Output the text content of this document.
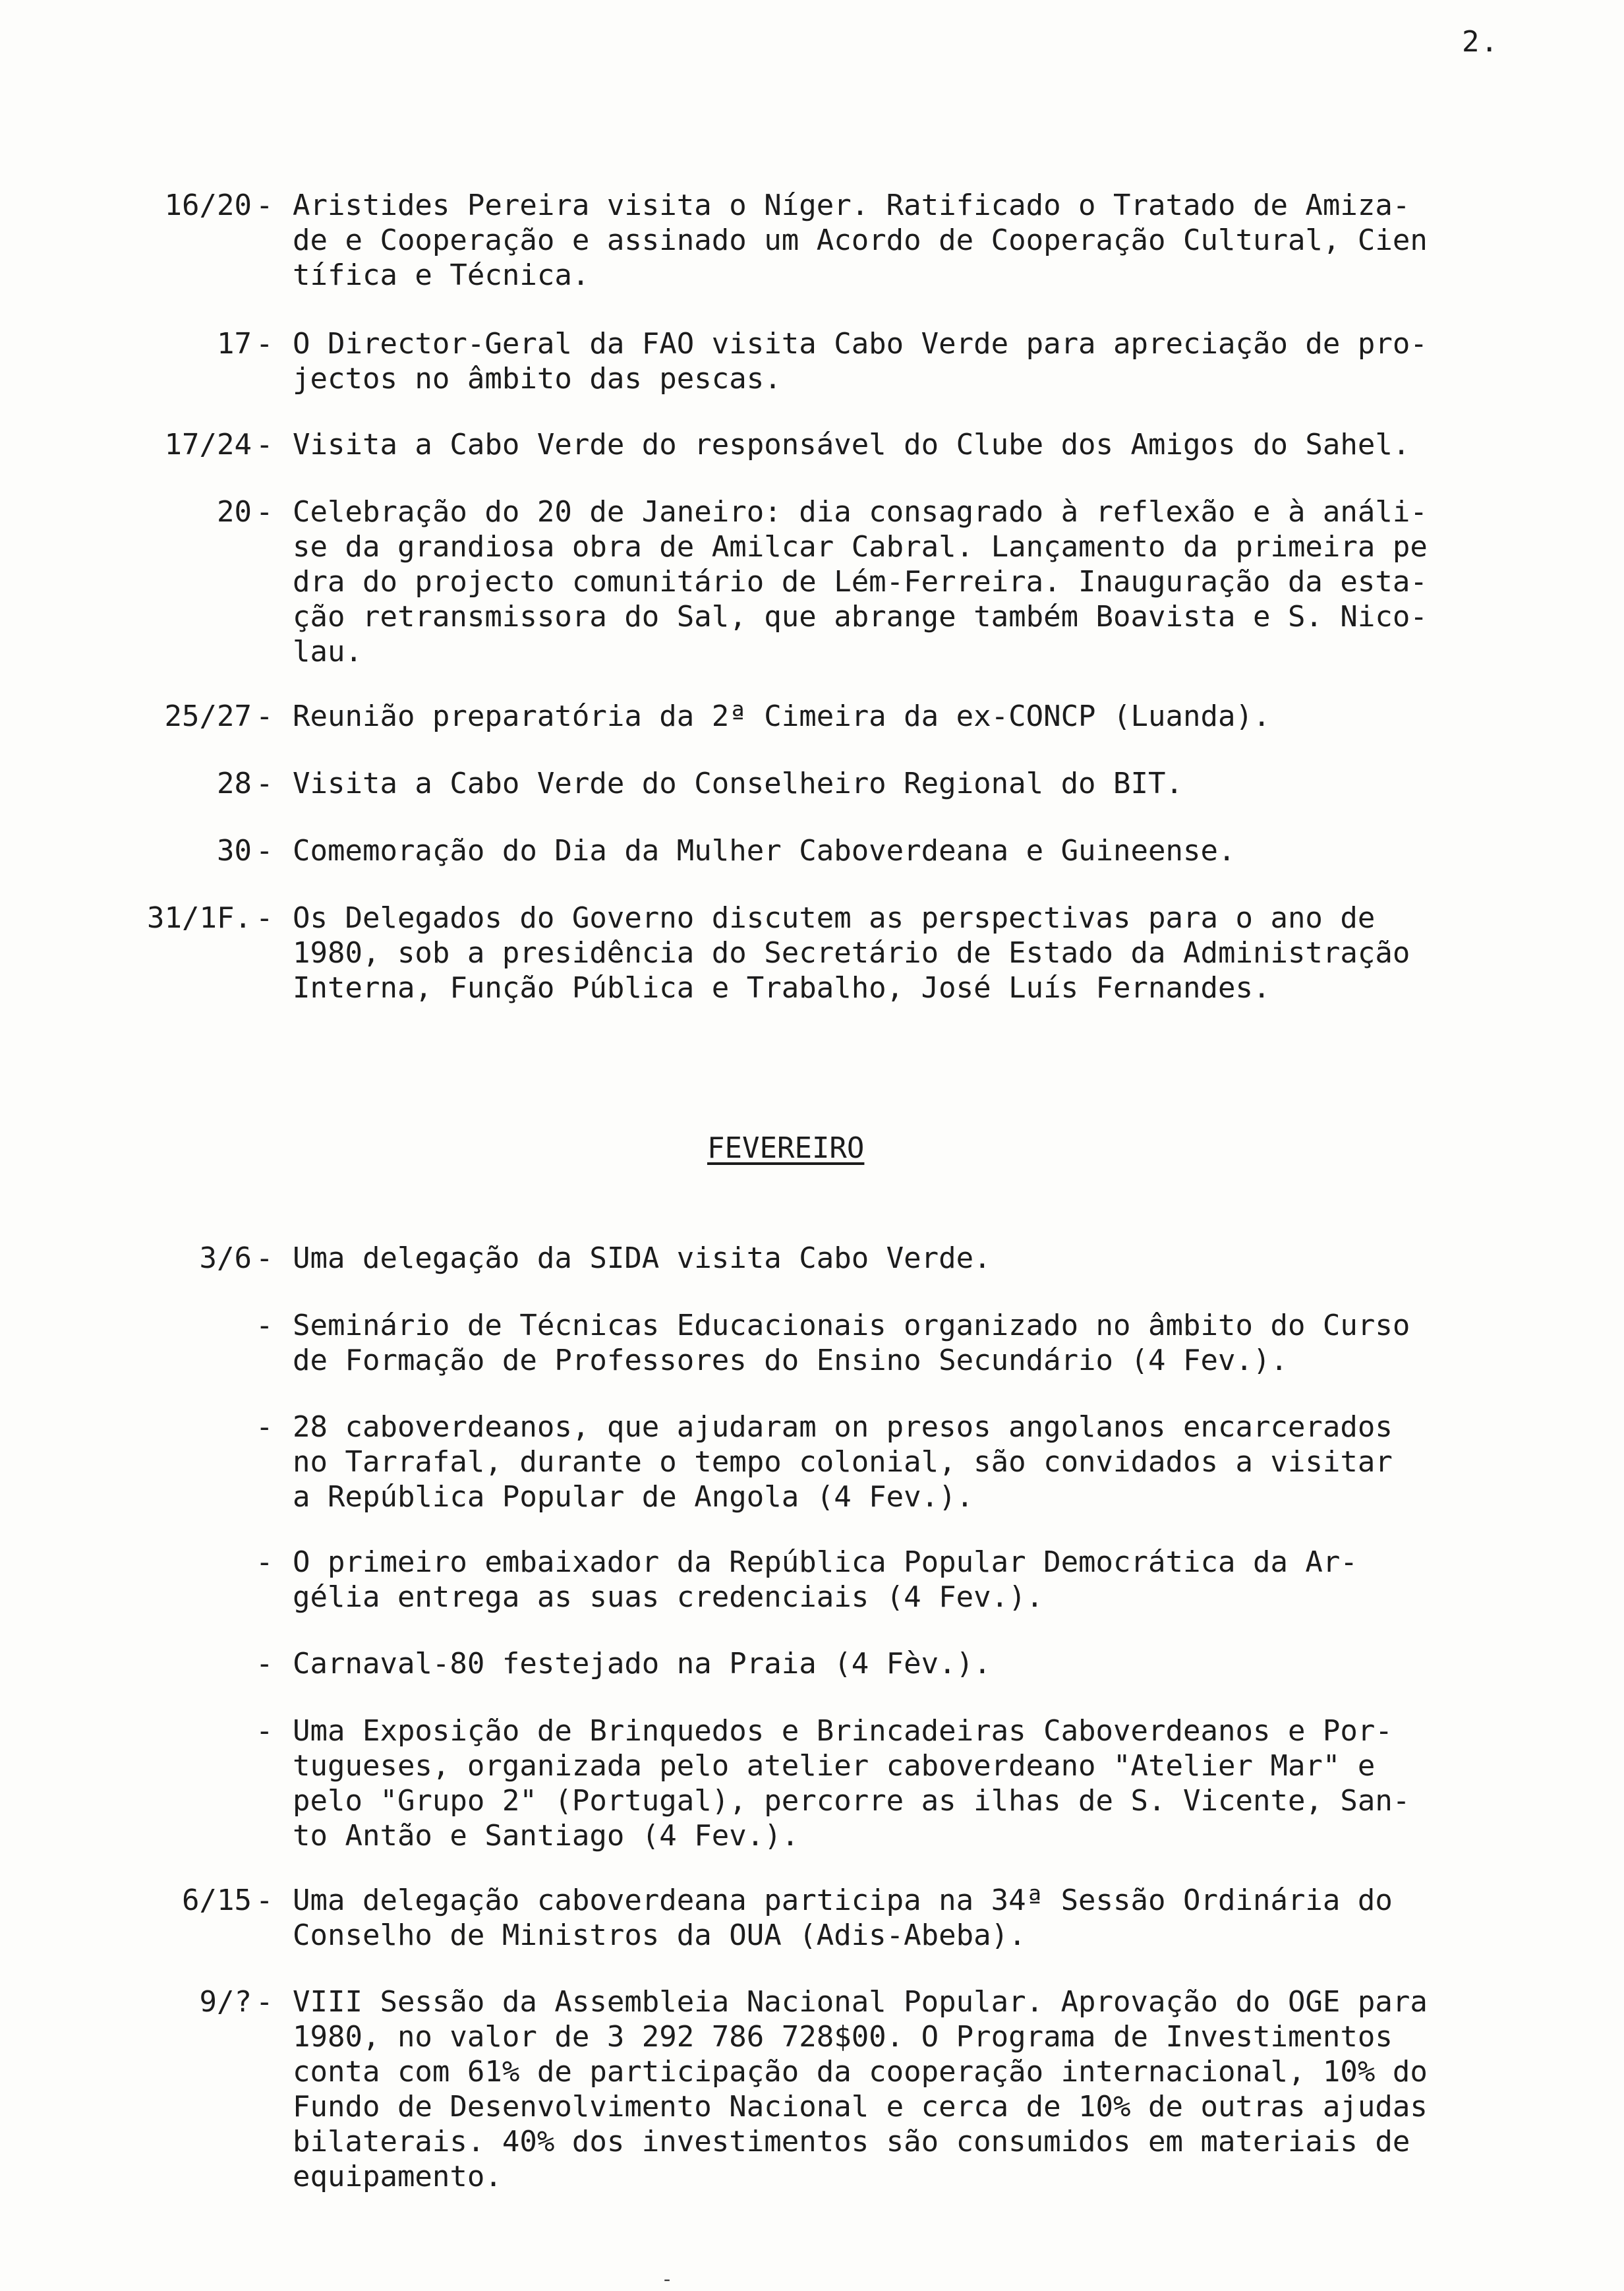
2.
16/20 - Aristides Pereira visita o Níger. Ratificado o Tratado de Amiza-
de e Cooperação e assinado um Acordo de Cooperação Cultural, Cien
tífica e Técnica.
17 - O Director-Geral da FAO visita Cabo Verde para apreciação de pro-
jectos no âmbito das pescas.
17/24 - Visita a Cabo Verde do responsável do Clube dos Amigos do Sahel.
20 - Celebração do 20 de Janeiro: dia consagrado à reflexão e à análi-
se da grandiosa obra de Amilcar Cabral. Lançamento da primeira pe
dra do projecto comunitário de Lém-Ferreira. Inauguração da esta-
ção retransmissora do Sal, que abrange também Boavista e S. Nico-
lau.
25/27 - Reunião preparatória da 2ª Cimeira da ex-CONCP (Luanda).
28 - Visita a Cabo Verde do Conselheiro Regional do BIT.
30 - Comemoração do Dia da Mulher Caboverdeana e Guineense.
31/1F. - Os Delegados do Governo discutem as perspectivas para o ano de
1980, sob a presidência do Secretário de Estado da Administração
Interna, Função Pública e Trabalho, José Luís Fernandes.
FEVEREIRO
3/6 - Uma delegação da SIDA visita Cabo Verde.
- Seminário de Técnicas Educacionais organizado no âmbito do Curso
de Formação de Professores do Ensino Secundário (4 Fev.).
- 28 caboverdeanos, que ajudaram on presos angolanos encarcerados
no Tarrafal, durante o tempo colonial, são convidados a visitar
a República Popular de Angola (4 Fev.).
- O primeiro embaixador da República Popular Democrática da Ar-
gélia entrega as suas credenciais (4 Fev.).
- Carnaval-80 festejado na Praia (4 Fèv.).
- Uma Exposição de Brinquedos e Brincadeiras Caboverdeanos e Por-
tugueses, organizada pelo atelier caboverdeano "Atelier Mar" e
pelo "Grupo 2" (Portugal), percorre as ilhas de S. Vicente, San-
to Antão e Santiago (4 Fev.).
6/15 - Uma delegação caboverdeana participa na 34ª Sessão Ordinária do
Conselho de Ministros da OUA (Adis-Abeba).
9/? - VIII Sessão da Assembleia Nacional Popular. Aprovação do OGE para
1980, no valor de 3 292 786 728$00. O Programa de Investimentos
conta com 61% de participação da cooperação internacional, 10% do
Fundo de Desenvolvimento Nacional e cerca de 10% de outras ajudas
bilaterais. 40% dos investimentos são consumidos em materiais de
equipamento.
-
